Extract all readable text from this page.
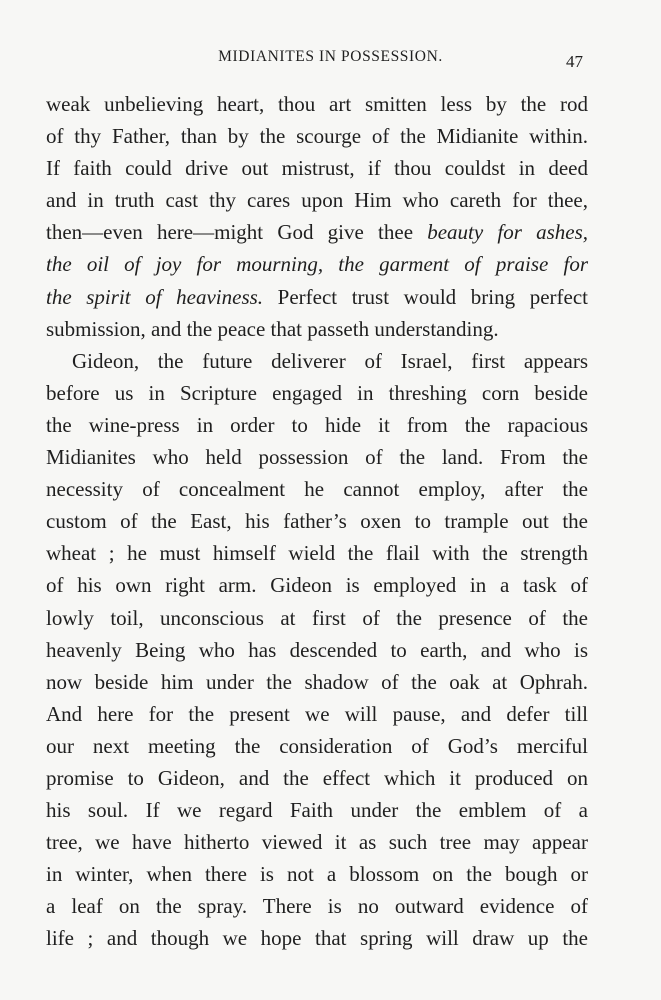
MIDIANITES IN POSSESSION.	47
weak unbelieving heart, thou art smitten less by the rod
of thy Father, than by the scourge of the Midianite within.
If faith could drive out mistrust, if thou couldst in deed
and in truth cast thy cares upon Him who careth for thee,
then—even here—might God give thee beauty for ashes,
the oil of joy for mourning, the garment of praise for
the spirit of heaviness. Perfect trust would bring perfect
submission, and the peace that passeth understanding.
Gideon, the future deliverer of Israel, first appears
before us in Scripture engaged in threshing corn beside
the wine-press in order to hide it from the rapacious
Midianites who held possession of the land. From the
necessity of concealment he cannot employ, after the
custom of the East, his father’s oxen to trample out the
wheat ; he must himself wield the flail with the strength
of his own right arm. Gideon is employed in a task of
lowly toil, unconscious at first of the presence of the
heavenly Being who has descended to earth, and who is
now beside him under the shadow of the oak at Ophrah.
And here for the present we will pause, and defer till
our next meeting the consideration of God’s merciful
promise to Gideon, and the effect which it produced on
his soul. If we regard Faith under the emblem of a
tree, we have hitherto viewed it as such tree may appear
in winter, when there is not a blossom on the bough or
a leaf on the spray. There is no outward evidence of
life ; and though we hope that spring will draw up the
